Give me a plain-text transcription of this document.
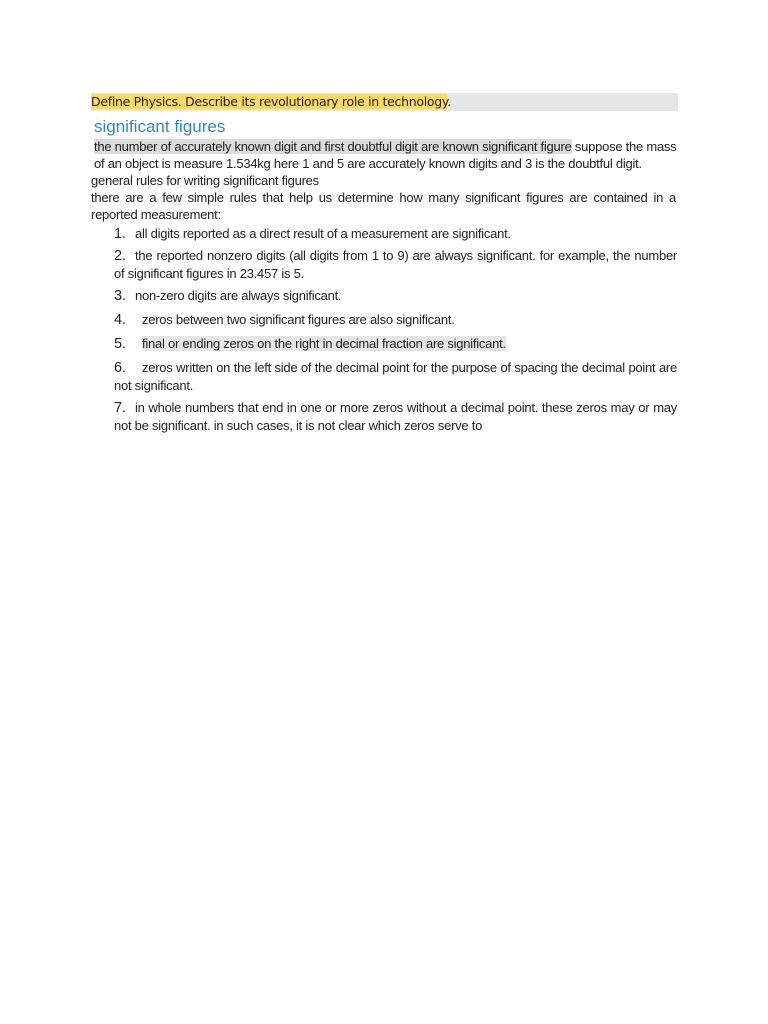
Define Physics. Describe its revolutionary role in technology.
significant figures
the number of accurately known digit and first doubtful digit are known significant figure suppose the mass
of an object is measure 1.534kg here 1 and 5 are accurately known digits and 3 is the doubtful digit.
general rules for writing significant figures
there are a few simple rules that help us determine how many significant figures are contained in a reported measurement:
1. all digits reported as a direct result of a measurement are significant.
2. the reported nonzero digits (all digits from 1 to 9) are always significant. for example, the number of significant figures in 23.457 is 5.
3. non-zero digits are always significant.
4. zeros between two significant figures are also significant.
5. final or ending zeros on the right in decimal fraction are significant.
6. zeros written on the left side of the decimal point for the purpose of spacing the decimal point are not significant.
7. in whole numbers that end in one or more zeros without a decimal point. these zeros may or may not be significant. in such cases, it is not clear which zeros serve to
